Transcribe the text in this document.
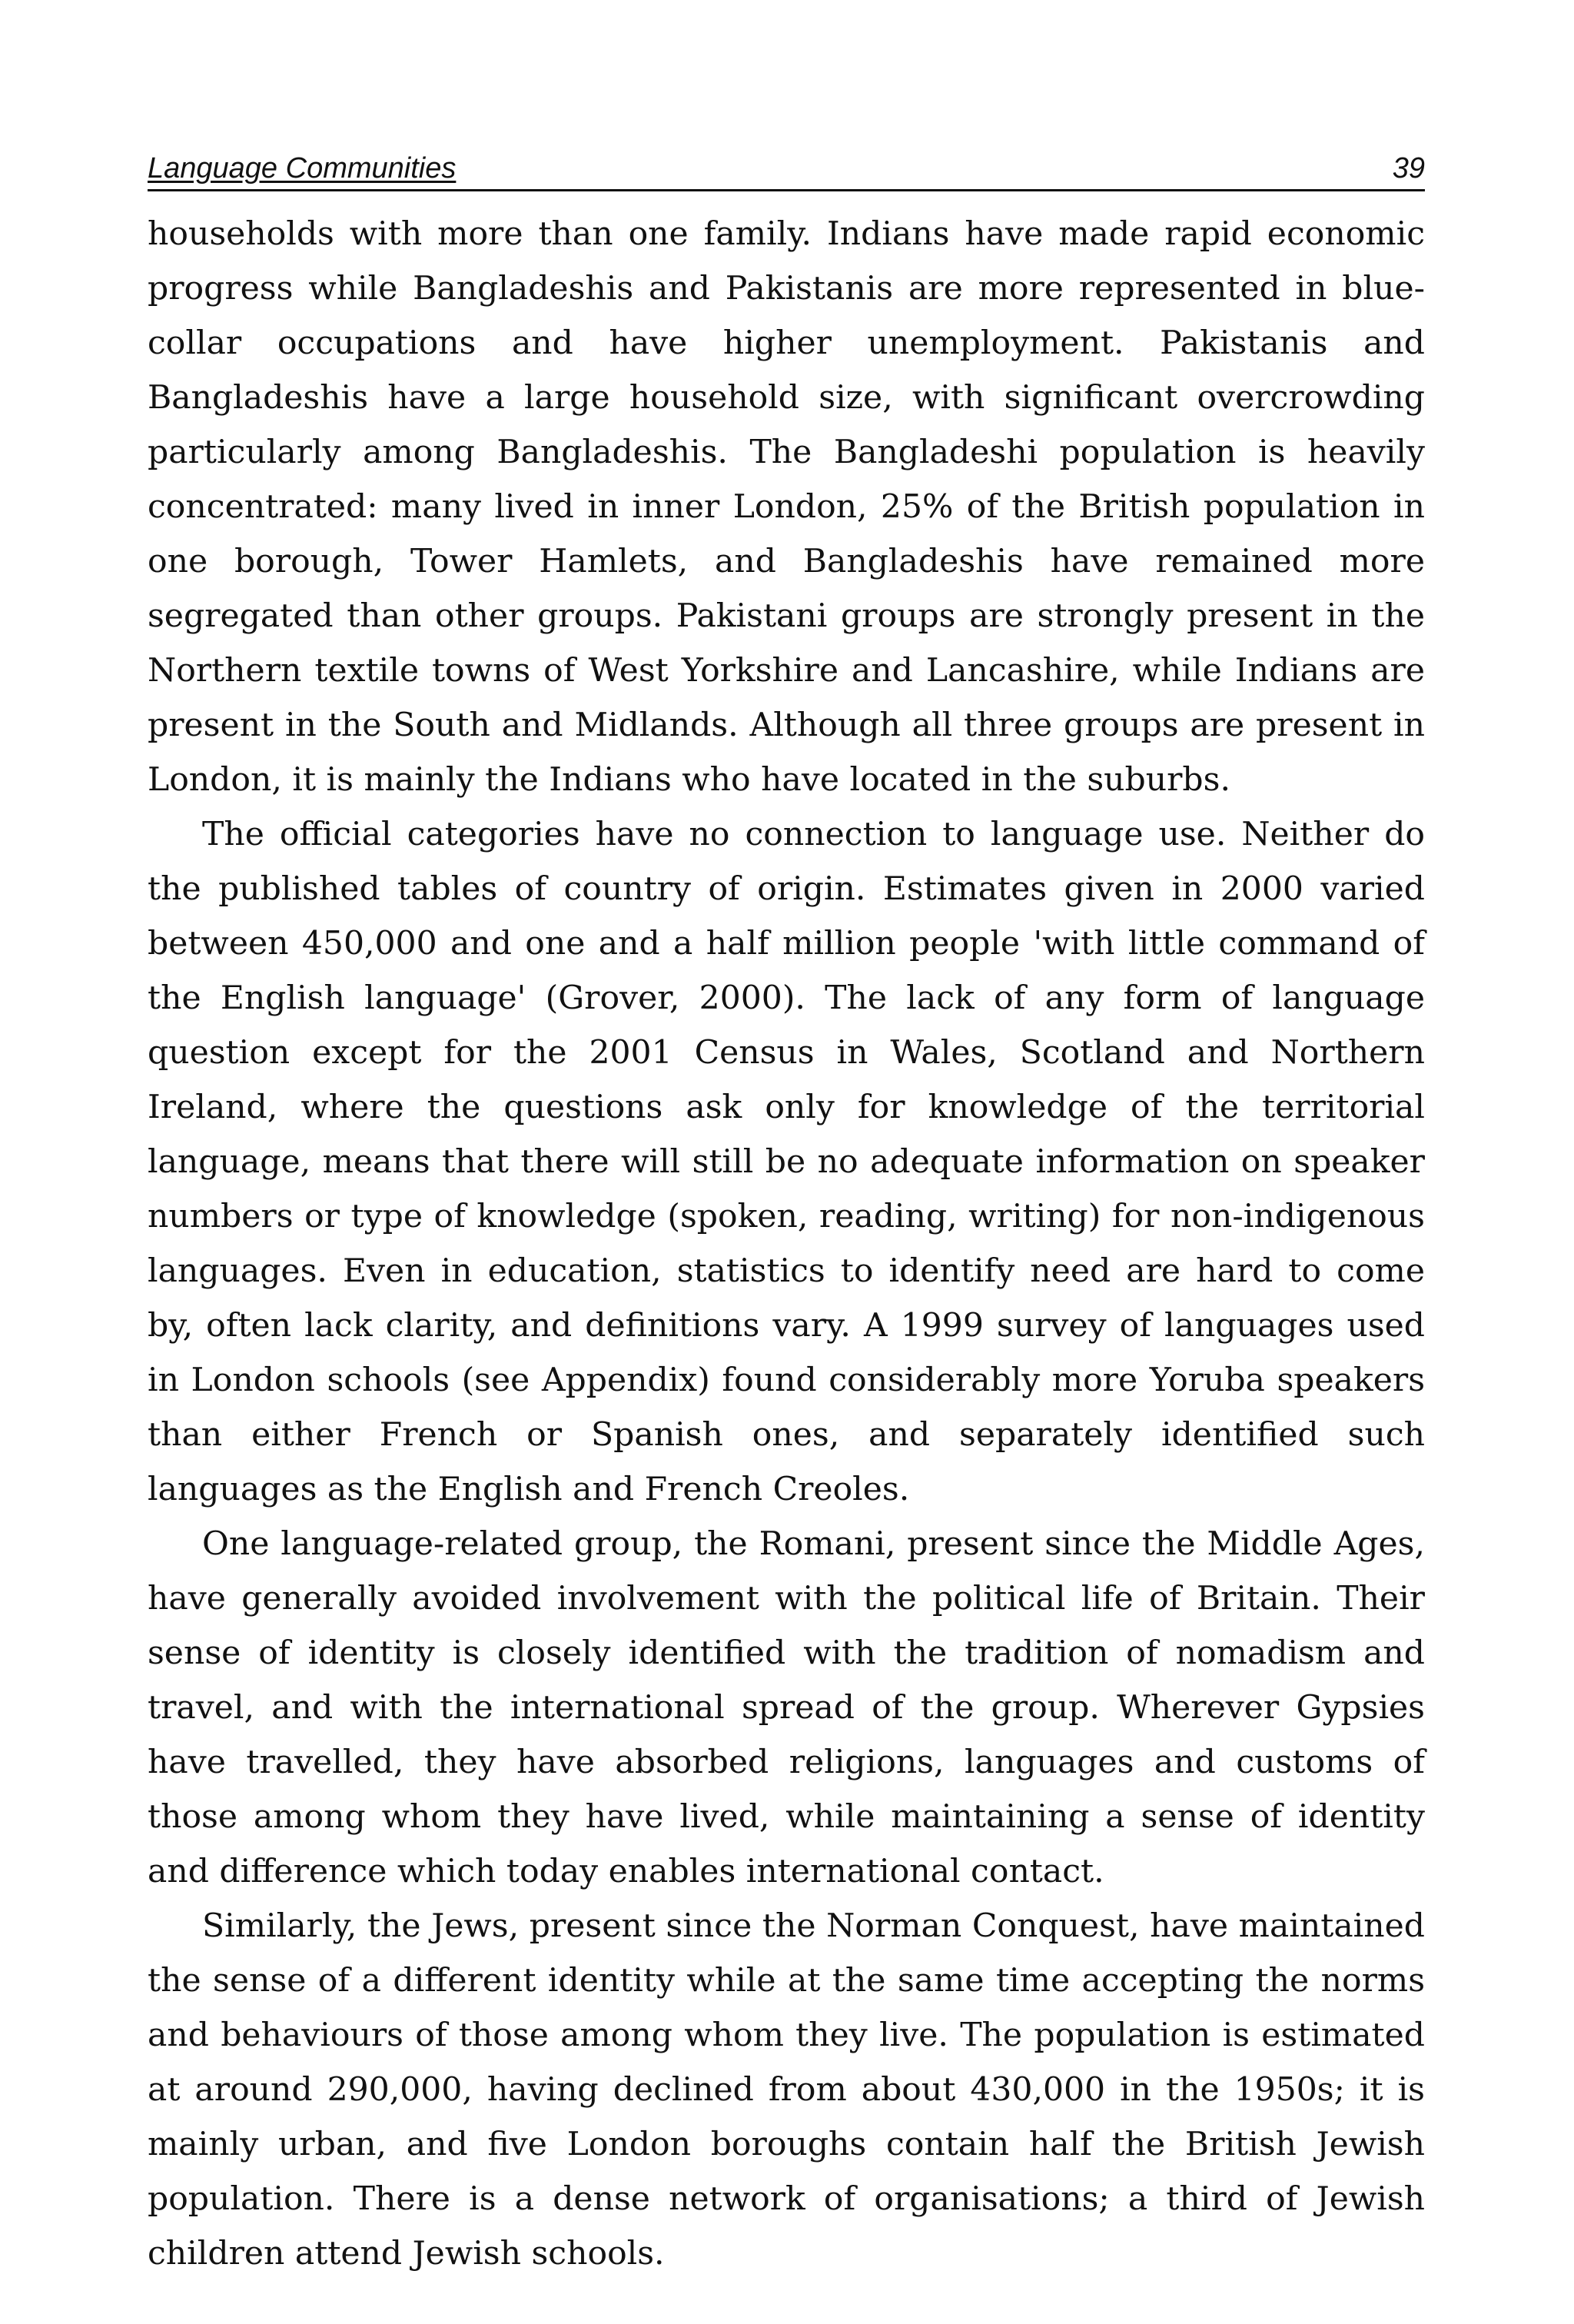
Language Communities	39

households with more than one family. Indians have made rapid economic progress while Bangladeshis and Pakistanis are more represented in blue-collar occupations and have higher unemployment. Pakistanis and Bangladeshis have a large household size, with significant overcrowding particularly among Bangladeshis. The Bangladeshi population is heavily concentrated: many lived in inner London, 25% of the British population in one borough, Tower Hamlets, and Bangladeshis have remained more segregated than other groups. Pakistani groups are strongly present in the Northern textile towns of West Yorkshire and Lancashire, while Indians are present in the South and Midlands. Although all three groups are present in London, it is mainly the Indians who have located in the suburbs.

The official categories have no connection to language use. Neither do the published tables of country of origin. Estimates given in 2000 varied between 450,000 and one and a half million people 'with little command of the English language' (Grover, 2000). The lack of any form of language question except for the 2001 Census in Wales, Scotland and Northern Ireland, where the questions ask only for knowledge of the territorial language, means that there will still be no adequate information on speaker numbers or type of knowledge (spoken, reading, writing) for non-indigenous languages. Even in education, statistics to identify need are hard to come by, often lack clarity, and definitions vary. A 1999 survey of languages used in London schools (see Appendix) found considerably more Yoruba speakers than either French or Spanish ones, and separately identified such languages as the English and French Creoles.

One language-related group, the Romani, present since the Middle Ages, have generally avoided involvement with the political life of Britain. Their sense of identity is closely identified with the tradition of nomadism and travel, and with the international spread of the group. Wherever Gypsies have travelled, they have absorbed religions, languages and customs of those among whom they have lived, while maintaining a sense of identity and difference which today enables international contact.

Similarly, the Jews, present since the Norman Conquest, have maintained the sense of a different identity while at the same time accepting the norms and behaviours of those among whom they live. The population is estimated at around 290,000, having declined from about 430,000 in the 1950s; it is mainly urban, and five London boroughs contain half the British Jewish population. There is a dense network of organisations; a third of Jewish children attend Jewish schools.
